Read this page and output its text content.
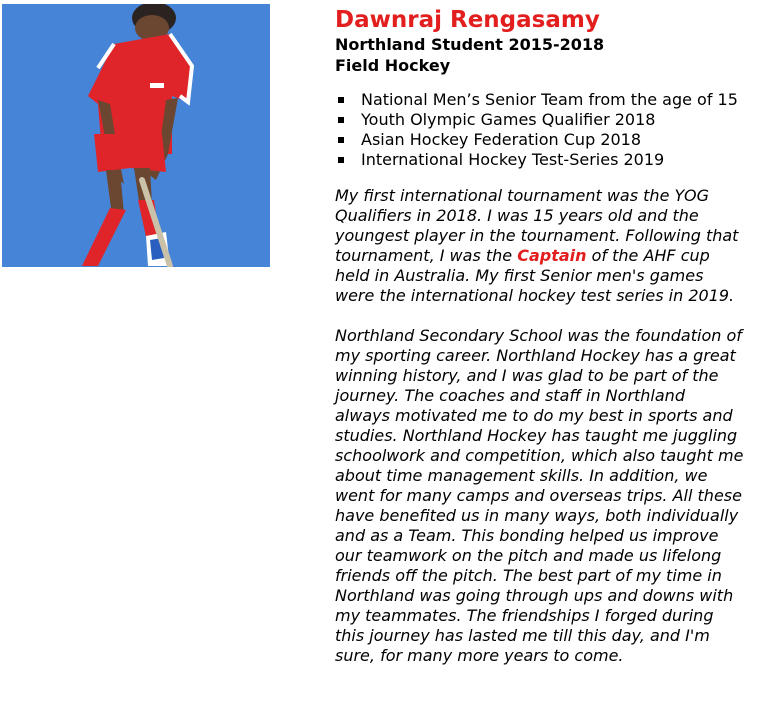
Dawnraj Rengasamy
Northland Student 2015-2018
Field Hockey
National Men’s Senior Team from the age of 15
Youth Olympic Games Qualifier 2018
Asian Hockey Federation Cup 2018
International Hockey Test-Series 2019
My first international tournament was the YOG
Qualifiers in 2018. I was 15 years old and the
youngest player in the tournament. Following that
tournament, I was the Captain of the AHF cup
held in Australia. My first Senior men's games
were the international hockey test series in 2019.
Northland Secondary School was the foundation of
my sporting career. Northland Hockey has a great
winning history, and I was glad to be part of the
journey. The coaches and staff in Northland
always motivated me to do my best in sports and
studies. Northland Hockey has taught me juggling
schoolwork and competition, which also taught me
about time management skills. In addition, we
went for many camps and overseas trips. All these
have benefited us in many ways, both individually
and as a Team. This bonding helped us improve
our teamwork on the pitch and made us lifelong
friends off the pitch. The best part of my time in
Northland was going through ups and downs with
my teammates. The friendships I forged during
this journey has lasted me till this day, and I'm
sure, for many more years to come.
